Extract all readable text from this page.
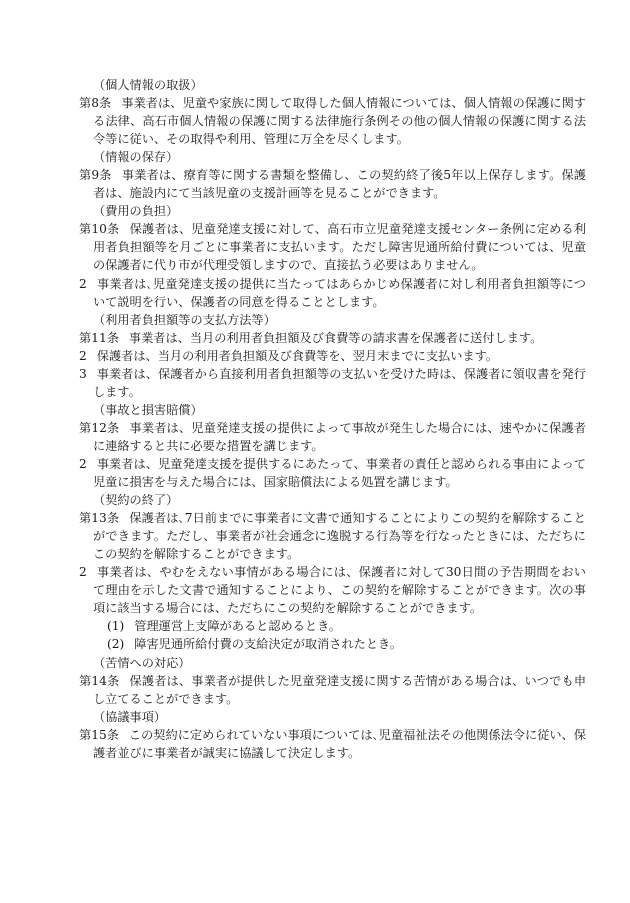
（個人情報の取扱）
第8条 事業者は、児童や家族に関して取得した個人情報については、個人情報の保護に関する法律、高石市個人情報の保護に関する法律施行条例その他の個人情報の保護に関する法令等に従い、その取得や利用、管理に万全を尽くします。
（情報の保存）
第9条 事業者は、療育等に関する書類を整備し、この契約終了後5年以上保存します。保護者は、施設内にて当該児童の支援計画等を見ることができます。
（費用の負担）
第10条 保護者は、児童発達支援に対して、高石市立児童発達支援センター条例に定める利用者負担額等を月ごとに事業者に支払います。ただし障害児通所給付費については、児童の保護者に代り市が代理受領しますので、直接払う必要はありません。
2 事業者は､児童発達支援の提供に当たってはあらかじめ保護者に対し利用者負担額等について説明を行い、保護者の同意を得ることとします。
（利用者負担額等の支払方法等）
第11条 事業者は、当月の利用者負担額及び食費等の請求書を保護者に送付します。
2 保護者は、当月の利用者負担額及び食費等を、翌月末までに支払います。
3 事業者は、保護者から直接利用者負担額等の支払いを受けた時は、保護者に領収書を発行します。
（事故と損害賠償）
第12条 事業者は、児童発達支援の提供によって事故が発生した場合には、速やかに保護者に連絡すると共に必要な措置を講じます。
2 事業者は、児童発達支援を提供するにあたって、事業者の責任と認められる事由によって児童に損害を与えた場合には、国家賠償法による処置を講じます。
（契約の終了）
第13条 保護者は､7日前までに事業者に文書で通知することによりこの契約を解除することができます。ただし、事業者が社会通念に逸脱する行為等を行なったときには、ただちにこの契約を解除することができます。
2 事業者は、やむをえない事情がある場合には、保護者に対して30日間の予告期間をおいて理由を示した文書で通知することにより、この契約を解除することができます。次の事項に該当する場合には、ただちにこの契約を解除することができます。
(1) 管理運営上支障があると認めるとき。
(2) 障害児通所給付費の支給決定が取消されたとき。
（苦情への対応）
第14条 保護者は、事業者が提供した児童発達支援に関する苦情がある場合は、いつでも申し立てることができます。
（協議事項）
第15条 この契約に定められていない事項については､児童福祉法その他関係法令に従い、保護者並びに事業者が誠実に協議して決定します。
